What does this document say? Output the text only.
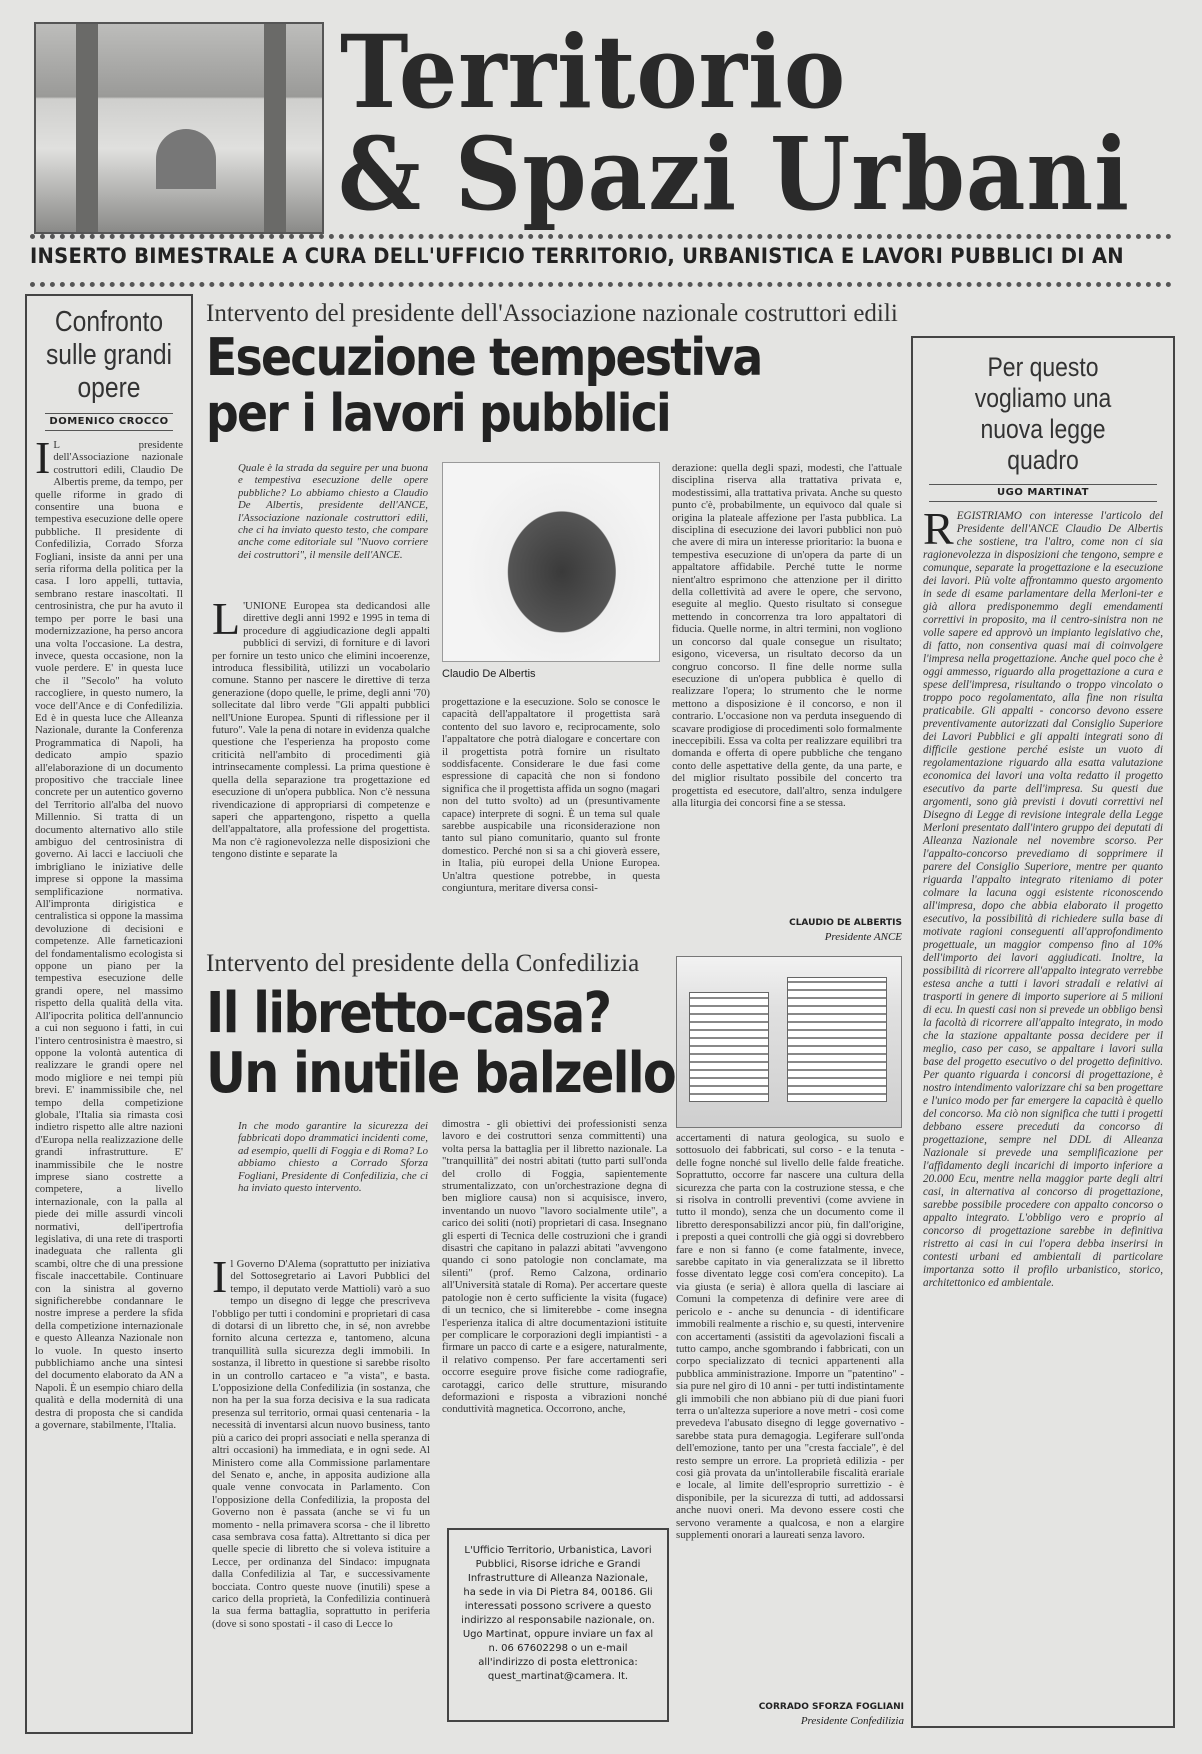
Territorio
& Spazi Urbani
INSERTO BIMESTRALE A CURA DELL'UFFICIO TERRITORIO, URBANISTICA E LAVORI PUBBLICI DI AN
Confronto sulle grandi opere
DOMENICO CROCCO
I L presidente dell'Associazione nazionale costruttori edili, Claudio De Albertis preme, da tempo, per quelle riforme in grado di consentire una buona e tempestiva esecuzione delle opere pubbliche. Il presidente di Confedilizia, Corrado Sforza Fogliani, insiste da anni per una seria riforma della politica per la casa. I loro appelli, tuttavia, sembrano restare inascoltati. Il centrosinistra, che pur ha avuto il tempo per porre le basi una modernizzazione, ha perso ancora una volta l'occasione. La destra, invece, questa occasione, non la vuole perdere. E' in questa luce che il "Secolo" ha voluto raccogliere, in questo numero, la voce dell'Ance e di Confedilizia. Ed è in questa luce che Alleanza Nazionale, durante la Conferenza Programmatica di Napoli, ha dedicato ampio spazio all'elaborazione di un documento propositivo che tracciale linee concrete per un autentico governo del Territorio all'alba del nuovo Millennio. Si tratta di un documento alternativo allo stile ambiguo del centrosinistra di governo. Ai lacci e lacciuoli che imbrigliano le iniziative delle imprese si oppone la massima semplificazione normativa. All'impronta dirigistica e centralistica si oppone la massima devoluzione di decisioni e competenze. Alle farneticazioni del fondamentalismo ecologista si oppone un piano per la tempestiva esecuzione delle grandi opere, nel massimo rispetto della qualità della vita. All'ipocrita politica dell'annuncio a cui non seguono i fatti, in cui l'intero centrosinistra è maestro, si oppone la volontà autentica di realizzare le grandi opere nel modo migliore e nei tempi più brevi. E' inammissibile che, nel tempo della competizione globale, l'Italia sia rimasta così indietro rispetto alle altre nazioni d'Europa nella realizzazione delle grandi infrastrutture. E' inammissibile che le nostre imprese siano costrette a competere, a livello internazionale, con la palla al piede dei mille assurdi vincoli normativi, dell'ipertrofia legislativa, di una rete di trasporti inadeguata che rallenta gli scambi, oltre che di una pressione fiscale inaccettabile. Continuare con la sinistra al governo significherebbe condannare le nostre imprese a perdere la sfida della competizione internazionale e questo Alleanza Nazionale non lo vuole. In questo inserto pubblichiamo anche una sintesi del documento elaborato da AN a Napoli. È un esempio chiaro della qualità e della modernità di una destra di proposta che si candida a governare, stabilmente, l'Italia.
Intervento del presidente dell'Associazione nazionale costruttori edili
Esecuzione tempestiva
per i lavori pubblici
Quale è la strada da seguire per una buona e tempestiva esecuzione delle opere pubbliche? Lo abbiamo chiesto a Claudio De Albertis, presidente dell'ANCE, l'Associazione nazionale costruttori edili, che ci ha inviato questo testo, che compare anche come editoriale sul "Nuovo corriere dei costruttori", il mensile dell'ANCE.
L 'UNIONE Europea sta dedicandosi alle direttive degli anni 1992 e 1995 in tema di procedure di aggiudicazione degli appalti pubblici di servizi, di forniture e di lavori per fornire un testo unico che elimini incoerenze, introduca flessibilità, utilizzi un vocabolario comune. Stanno per nascere le direttive di terza generazione (dopo quelle, le prime, degli anni '70) sollecitate dal libro verde "Gli appalti pubblici nell'Unione Europea. Spunti di riflessione per il futuro". Vale la pena di notare in evidenza qualche questione che l'esperienza ha proposto come criticità nell'ambito di procedimenti già intrinsecamente complessi. La prima questione è quella della separazione tra progettazione ed esecuzione di un'opera pubblica. Non c'è nessuna rivendicazione di appropriarsi di competenze e saperi che appartengono, rispetto a quella dell'appaltatore, alla professione del progettista. Ma non c'è ragionevolezza nelle disposizioni che tengono distinte e separate la
Claudio De Albertis
progettazione e la esecuzione. Solo se conosce le capacità dell'appaltatore il progettista sarà contento del suo lavoro e, reciprocamente, solo l'appaltatore che potrà dialogare e concertare con il progettista potrà fornire un risultato soddisfacente. Considerare le due fasi come espressione di capacità che non si fondono significa che il progettista affida un sogno (magari non del tutto svolto) ad un (presuntivamente capace) interprete di sogni. È un tema sul quale sarebbe auspicabile una riconsiderazione non tanto sul piano comunitario, quanto sul fronte domestico. Perché non si sa a chi gioverà essere, in Italia, più europei della Unione Europea. Un'altra questione potrebbe, in questa congiuntura, meritare diversa consi-
derazione: quella degli spazi, modesti, che l'attuale disciplina riserva alla trattativa privata e, modestissimi, alla trattativa privata. Anche su questo punto c'è, probabilmente, un equivoco dal quale si origina la plateale affezione per l'asta pubblica. La disciplina di esecuzione dei lavori pubblici non può che avere di mira un interesse prioritario: la buona e tempestiva esecuzione di un'opera da parte di un appaltatore affidabile. Perché tutte le norme nient'altro esprimono che attenzione per il diritto della collettività ad avere le opere, che servono, eseguite al meglio. Questo risultato si consegue mettendo in concorrenza tra loro appaltatori di fiducia. Quelle norme, in altri termini, non vogliono un concorso dal quale consegue un risultato; esigono, viceversa, un risultato decorso da un congruo concorso. Il fine delle norme sulla esecuzione di un'opera pubblica è quello di realizzare l'opera; lo strumento che le norme mettono a disposizione è il concorso, e non il contrario. L'occasione non va perduta inseguendo di scavare prodigiose di procedimenti solo formalmente ineccepibili. Essa va colta per realizzare equilibri tra domanda e offerta di opere pubbliche che tengano conto delle aspettative della gente, da una parte, e del miglior risultato possibile del concerto tra progettista ed esecutore, dall'altro, senza indulgere alla liturgia dei concorsi fine a se stessa.
CLAUDIO DE ALBERTIS
Presidente ANCE
Per questo vogliamo una nuova legge quadro
UGO MARTINAT
REGISTRIAMO con interesse l'articolo del Presidente dell'ANCE Claudio De Albertis che sostiene, tra l'altro, come non ci sia ragionevolezza in disposizioni che tengono, sempre e comunque, separate la progettazione e la esecuzione dei lavori. Più volte affrontammo questo argomento in sede di esame parlamentare della Merloni-ter e già allora predisponemmo degli emendamenti correttivi in proposito, ma il centro-sinistra non ne volle sapere ed approvò un impianto legislativo che, di fatto, non consentiva quasi mai di coinvolgere l'impresa nella progettazione. Anche quel poco che è oggi ammesso, riguardo alla progettazione a cura e spese dell'impresa, risultando o troppo vincolato o troppo poco regolamentato, alla fine non risulta praticabile. Gli appalti - concorso devono essere preventivamente autorizzati dal Consiglio Superiore dei Lavori Pubblici e gli appalti integrati sono di difficile gestione perché esiste un vuoto di regolamentazione riguardo alla esatta valutazione economica dei lavori una volta redatto il progetto esecutivo da parte dell'impresa. Su questi due argomenti, sono già previsti i dovuti correttivi nel Disegno di Legge di revisione integrale della Legge Merloni presentato dall'intero gruppo dei deputati di Alleanza Nazionale nel novembre scorso. Per l'appalto-concorso prevediamo di sopprimere il parere del Consiglio Superiore, mentre per quanto riguarda l'appalto integrato riteniamo di poter colmare la lacuna oggi esistente riconoscendo all'impresa, dopo che abbia elaborato il progetto esecutivo, la possibilità di richiedere sulla base di motivate ragioni conseguenti all'approfondimento progettuale, un maggior compenso fino al 10% dell'importo dei lavori aggiudicati. Inoltre, la possibilità di ricorrere all'appalto integrato verrebbe estesa anche a tutti i lavori stradali e relativi ai trasporti in genere di importo superiore ai 5 milioni di ecu. In questi casi non si prevede un obbligo bensì la facoltà di ricorrere all'appalto integrato, in modo che la stazione appaltante possa decidere per il meglio, caso per caso, se appaltare i lavori sulla base del progetto esecutivo o del progetto definitivo. Per quanto riguarda i concorsi di progettazione, è nostro intendimento valorizzare chi sa ben progettare e l'unico modo per far emergere la capacità è quello del concorso. Ma ciò non significa che tutti i progetti debbano essere preceduti da concorso di progettazione, sempre nel DDL di Alleanza Nazionale si prevede una semplificazione per l'affidamento degli incarichi di importo inferiore a 20.000 Ecu, mentre nella maggior parte degli altri casi, in alternativa al concorso di progettazione, sarebbe possibile procedere con appalto concorso o appalto integrato. L'obbligo vero e proprio al concorso di progettazione sarebbe in definitiva ristretto ai casi in cui l'opera debba inserirsi in contesti urbani ed ambientali di particolare importanza sotto il profilo urbanistico, storico, architettonico ed ambientale.
Intervento del presidente della Confedilizia
Il libretto-casa?
Un inutile balzello
In che modo garantire la sicurezza dei fabbricati dopo drammatici incidenti come, ad esempio, quelli di Foggia e di Roma? Lo abbiamo chiesto a Corrado Sforza Fogliani, Presidente di Confedilizia, che ci ha inviato questo intervento.
Il Governo D'Alema (soprattutto per iniziativa del Sottosegretario ai Lavori Pubblici del tempo, il deputato verde Mattioli) varò a suo tempo un disegno di legge che prescriveva l'obbligo per tutti i condomini e proprietari di casa di dotarsi di un libretto che, in sé, non avrebbe fornito alcuna certezza e, tantomeno, alcuna tranquillità sulla sicurezza degli immobili. In sostanza, il libretto in questione si sarebbe risolto in un controllo cartaceo e "a vista", e basta. L'opposizione della Confedilizia (in sostanza, che non ha per la sua forza decisiva e la sua radicata presenza sul territorio, ormai quasi centenaria - la necessità di inventarsi alcun nuovo business, tanto più a carico dei propri associati e nella speranza di altri occasioni) ha immediata, e in ogni sede. Al Ministero come alla Commissione parlamentare del Senato e, anche, in apposita audizione alla quale venne convocata in Parlamento. Con l'opposizione della Confedilizia, la proposta del Governo non è passata (anche se vi fu un momento - nella primavera scorsa - che il libretto casa sembrava cosa fatta). Altrettanto si dica per quelle specie di libretto che si voleva istituire a Lecce, per ordinanza del Sindaco: impugnata dalla Confedilizia al Tar, e successivamente bocciata. Contro queste nuove (inutili) spese a carico della proprietà, la Confedilizia continuerà la sua ferma battaglia, soprattutto in periferia (dove si sono spostati - il caso di Lecce lo
dimostra - gli obiettivi dei professionisti senza lavoro e dei costruttori senza committenti) una volta persa la battaglia per il libretto nazionale. La "tranquillità" dei nostri abitati (tutto parti sull'onda del crollo di Foggia, sapientemente strumentalizzato, con un'orchestrazione degna di ben migliore causa) non si acquisisce, invero, inventando un nuovo "lavoro socialmente utile", a carico dei soliti (noti) proprietari di casa. Insegnano gli esperti di Tecnica delle costruzioni che i grandi disastri che capitano in palazzi abitati "avvengono quando ci sono patologie non conclamate, ma silenti" (prof. Remo Calzona, ordinario all'Università statale di Roma). Per accertare queste patologie non è certo sufficiente la visita (fugace) di un tecnico, che si limiterebbe - come insegna l'esperienza italica di altre documentazioni istituite per complicare le corporazioni degli impiantisti - a firmare un pacco di carte e a esigere, naturalmente, il relativo compenso. Per fare accertamenti seri occorre eseguire prove fisiche come radiografie, carotaggi, carico delle strutture, misurando deformazioni e risposta a vibrazioni nonché conduttività magnetica. Occorrono, anche,
L'Ufficio Territorio, Urbanistica, Lavori Pubblici, Risorse idriche e Grandi Infrastrutture di Alleanza Nazionale, ha sede in via Di Pietra 84, 00186. Gli interessati possono scrivere a questo indirizzo al responsabile nazionale, on. Ugo Martinat, oppure inviare un fax al n. 06 67602298 o un e-mail all'indirizzo di posta elettronica: quest_martinat@camera. It.
accertamenti di natura geologica, su suolo e sottosuolo dei fabbricati, sul corso - e la tenuta - delle fogne nonché sul livello delle falde freatiche. Soprattutto, occorre far nascere una cultura della sicurezza che parta con la costruzione stessa, e che si risolva in controlli preventivi (come avviene in tutto il mondo), senza che un documento come il libretto deresponsabilizzi ancor più, fin dall'origine, i preposti a quei controlli che già oggi si dovrebbero fare e non si fanno (e come fatalmente, invece, sarebbe capitato in via generalizzata se il libretto fosse diventato legge così com'era concepito). La via giusta (e seria) è allora quella di lasciare ai Comuni la competenza di definire vere aree di pericolo e - anche su denuncia - di identificare immobili realmente a rischio e, su questi, intervenire con accertamenti (assistiti da agevolazioni fiscali a tutto campo, anche sgombrando i fabbricati, con un corpo specializzato di tecnici appartenenti alla pubblica amministrazione. Imporre un "patentino" - sia pure nel giro di 10 anni - per tutti indistintamente gli immobili che non abbiano più di due piani fuori terra o un'altezza superiore a nove metri - così come prevedeva l'abusato disegno di legge governativo - sarebbe stata pura demagogia. Legiferare sull'onda dell'emozione, tanto per una "cresta facciale", è del resto sempre un errore. La proprietà edilizia - per cosi già provata da un'intollerabile fiscalità erariale e locale, al limite dell'esproprio surrettizio - è disponibile, per la sicurezza di tutti, ad addossarsi anche nuovi oneri. Ma devono essere costi che servono veramente a qualcosa, e non a elargire supplementi onorari a laureati senza lavoro.
CORRADO SFORZA FOGLIANI
Presidente Confedilizia
